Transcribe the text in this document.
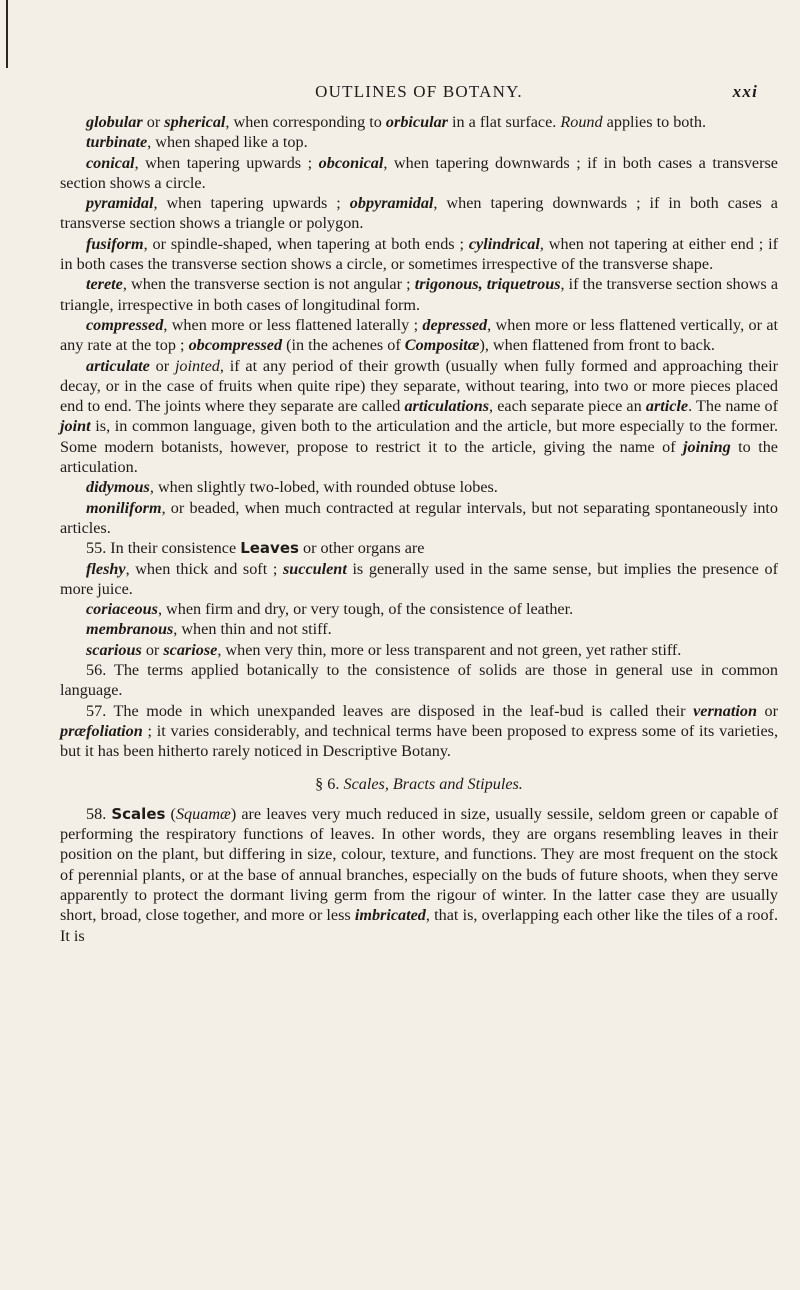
OUTLINES OF BOTANY.	xxi

globular or spherical, when corresponding to orbicular in a flat surface. Round applies to both.

turbinate, when shaped like a top.

conical, when tapering upwards ; obconical, when tapering downwards ; if in both cases a transverse section shows a circle.

pyramidal, when tapering upwards ; obpyramidal, when tapering downwards ; if in both cases a transverse section shows a triangle or polygon.

fusiform, or spindle-shaped, when tapering at both ends ; cylindrical, when not tapering at either end ; if in both cases the transverse section shows a circle, or sometimes irrespective of the transverse shape.

terete, when the transverse section is not angular ; trigonous, triquetrous, if the transverse section shows a triangle, irrespective in both cases of longitudinal form.

compressed, when more or less flattened laterally ; depressed, when more or less flattened vertically, or at any rate at the top ; obcompressed (in the achenes of Compositæ), when flattened from front to back.

articulate or jointed, if at any period of their growth (usually when fully formed and approaching their decay, or in the case of fruits when quite ripe) they separate, without tearing, into two or more pieces placed end to end. The joints where they separate are called articulations, each separate piece an article. The name of joint is, in common language, given both to the articulation and the article, but more especially to the former. Some modern botanists, however, propose to restrict it to the article, giving the name of joining to the articulation.

didymous, when slightly two-lobed, with rounded obtuse lobes.

moniliform, or beaded, when much contracted at regular intervals, but not separating spontaneously into articles.

55. In their consistence Leaves or other organs are

fleshy, when thick and soft ; succulent is generally used in the same sense, but implies the presence of more juice.

coriaceous, when firm and dry, or very tough, of the consistence of leather.

membranous, when thin and not stiff.

scarious or scariose, when very thin, more or less transparent and not green, yet rather stiff.

56. The terms applied botanically to the consistence of solids are those in general use in common language.

57. The mode in which unexpanded leaves are disposed in the leaf-bud is called their vernation or præfoliation ; it varies considerably, and technical terms have been proposed to express some of its varieties, but it has been hitherto rarely noticed in Descriptive Botany.

§ 6. Scales, Bracts and Stipules.

58. Scales (Squamæ) are leaves very much reduced in size, usually sessile, seldom green or capable of performing the respiratory functions of leaves. In other words, they are organs resembling leaves in their position on the plant, but differing in size, colour, texture, and functions. They are most frequent on the stock of perennial plants, or at the base of annual branches, especially on the buds of future shoots, when they serve apparently to protect the dormant living germ from the rigour of winter. In the latter case they are usually short, broad, close together, and more or less imbricated, that is, overlapping each other like the tiles of a roof. It is
